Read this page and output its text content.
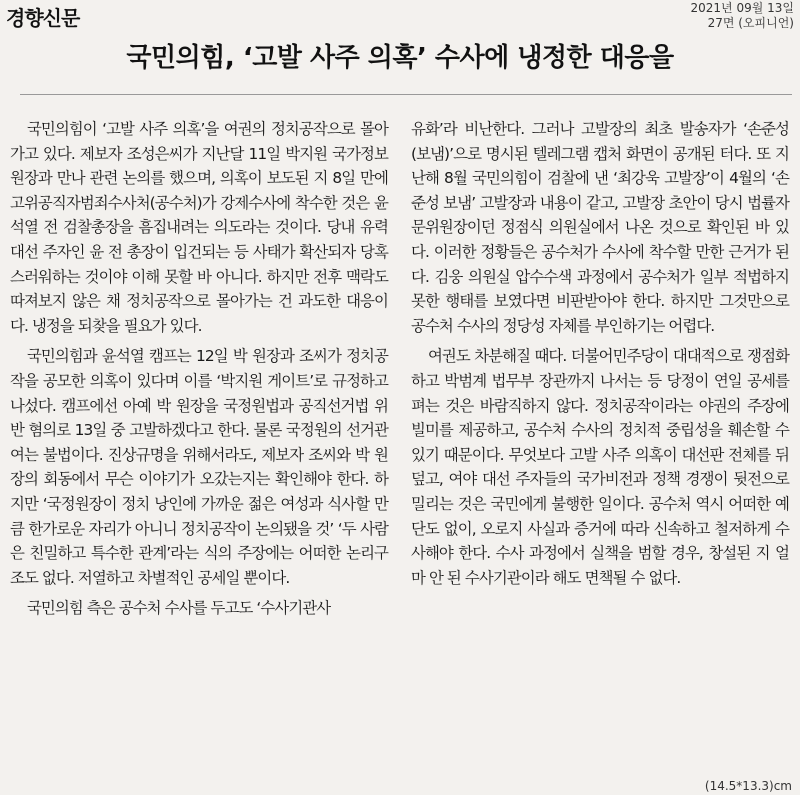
경향신문	2021년 09월 13일
27면 (오피니언)
국민의힘, ‘고발 사주 의혹’ 수사에 냉정한 대응을

국민의힘이 ‘고발 사주 의혹’을 여권의 정치공작으로 몰아가고 있다. 제보자 조성은씨가 지난달 11일 박지원 국가정보원장과 만나 관련 논의를 했으며, 의혹이 보도된 지 8일 만에 고위공직자범죄수사처(공수처)가 강제수사에 착수한 것은 윤석열 전 검찰총장을 흠집내려는 의도라는 것이다. 당내 유력 대선 주자인 윤 전 총장이 입건되는 등 사태가 확산되자 당혹스러워하는 것이야 이해 못할 바 아니다. 하지만 전후 맥락도 따져보지 않은 채 정치공작으로 몰아가는 건 과도한 대응이다. 냉정을 되찾을 필요가 있다.

국민의힘과 윤석열 캠프는 12일 박 원장과 조씨가 정치공작을 공모한 의혹이 있다며 이를 ‘박지원 게이트’로 규정하고 나섰다. 캠프에선 아예 박 원장을 국정원법과 공직선거법 위반 혐의로 13일 중 고발하겠다고 한다. 물론 국정원의 선거관여는 불법이다. 진상규명을 위해서라도, 제보자 조씨와 박 원장의 회동에서 무슨 이야기가 오갔는지는 확인해야 한다. 하지만 ‘국정원장이 정치 낭인에 가까운 젊은 여성과 식사할 만큼 한가로운 자리가 아니니 정치공작이 논의됐을 것’ ‘두 사람은 친밀하고 특수한 관계’라는 식의 주장에는 어떠한 논리구조도 없다. 저열하고 차별적인 공세일 뿐이다.

국민의힘 측은 공수처 수사를 두고도 ‘수사기관사

유화’라 비난한다. 그러나 고발장의 최초 발송자가 ‘손준성 (보냄)’으로 명시된 텔레그램 캡처 화면이 공개된 터다. 또 지난해 8월 국민의힘이 검찰에 낸 ‘최강욱 고발장’이 4월의 ‘손준성 보냄’ 고발장과 내용이 같고, 고발장 초안이 당시 법률자문위원장이던 정점식 의원실에서 나온 것으로 확인된 바 있다. 이러한 정황들은 공수처가 수사에 착수할 만한 근거가 된다. 김웅 의원실 압수수색 과정에서 공수처가 일부 적법하지 못한 행태를 보였다면 비판받아야 한다. 하지만 그것만으로 공수처 수사의 정당성 자체를 부인하기는 어렵다.

여권도 차분해질 때다. 더불어민주당이 대대적으로 쟁점화하고 박범계 법무부 장관까지 나서는 등 당정이 연일 공세를 펴는 것은 바람직하지 않다. 정치공작이라는 야권의 주장에 빌미를 제공하고, 공수처 수사의 정치적 중립성을 훼손할 수 있기 때문이다. 무엇보다 고발 사주 의혹이 대선판 전체를 뒤덮고, 여야 대선 주자들의 국가비전과 정책 경쟁이 뒷전으로 밀리는 것은 국민에게 불행한 일이다. 공수처 역시 어떠한 예단도 없이, 오로지 사실과 증거에 따라 신속하고 철저하게 수사해야 한다. 수사 과정에서 실책을 범할 경우, 창설된 지 얼마 안 된 수사기관이라 해도 면책될 수 없다.

(14.5*13.3)cm
